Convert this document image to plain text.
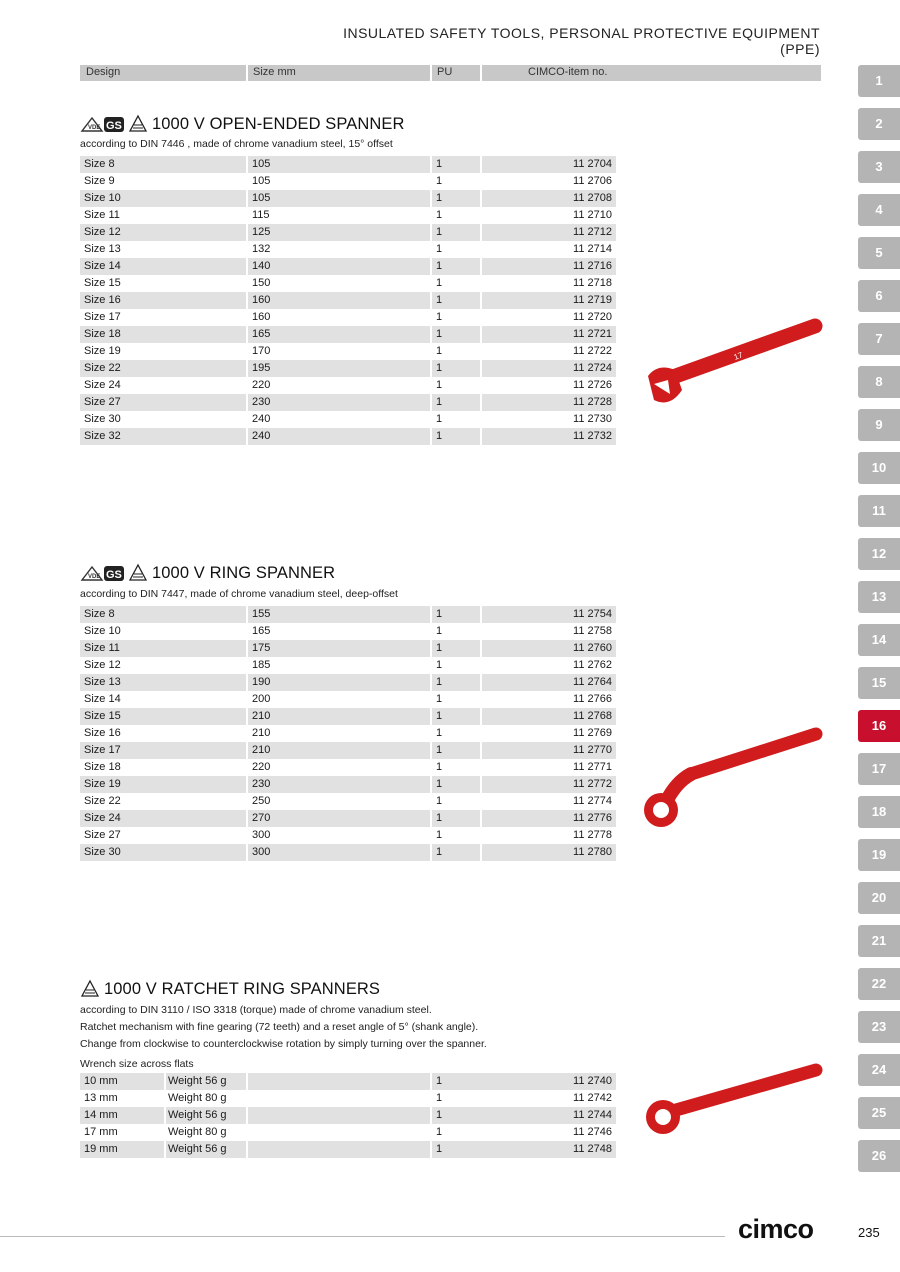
INSULATED SAFETY TOOLS, PERSONAL PROTECTIVE EQUIPMENT (PPE)
Design	Size mm	PU	CIMCO-item no.
VDE GS 1000 V OPEN-ENDED SPANNER
according to DIN 7446 , made of chrome vanadium steel, 15° offset
Size 8	105	1	11 2704
Size 9	105	1	11 2706
Size 10	105	1	11 2708
Size 11	115	1	11 2710
Size 12	125	1	11 2712
Size 13	132	1	11 2714
Size 14	140	1	11 2716
Size 15	150	1	11 2718
Size 16	160	1	11 2719
Size 17	160	1	11 2720
Size 18	165	1	11 2721
Size 19	170	1	11 2722
Size 22	195	1	11 2724
Size 24	220	1	11 2726
Size 27	230	1	11 2728
Size 30	240	1	11 2730
Size 32	240	1	11 2732
17
VDE GS 1000 V RING SPANNER
according to DIN 7447, made of chrome vanadium steel, deep-offset
Size 8	155	1	11 2754
Size 10	165	1	11 2758
Size 11	175	1	11 2760
Size 12	185	1	11 2762
Size 13	190	1	11 2764
Size 14	200	1	11 2766
Size 15	210	1	11 2768
Size 16	210	1	11 2769
Size 17	210	1	11 2770
Size 18	220	1	11 2771
Size 19	230	1	11 2772
Size 22	250	1	11 2774
Size 24	270	1	11 2776
Size 27	300	1	11 2778
Size 30	300	1	11 2780
1000 V RATCHET RING SPANNERS
according to DIN 3110 / ISO 3318 (torque) made of chrome vanadium steel.
Ratchet mechanism with fine gearing (72 teeth) and a reset angle of 5° (shank angle).
Change from clockwise to counterclockwise rotation by simply turning over the spanner.
Wrench size across flats
10 mm	Weight 56 g	1	11 2740
13 mm	Weight 80 g	1	11 2742
14 mm	Weight 56 g	1	11 2744
17 mm	Weight 80 g	1	11 2746
19 mm	Weight 56 g	1	11 2748
1
2
3
4
5
6
7
8
9
10
11
12
13
14
15
16
17
18
19
20
21
22
23
24
25
26
cimco	235
